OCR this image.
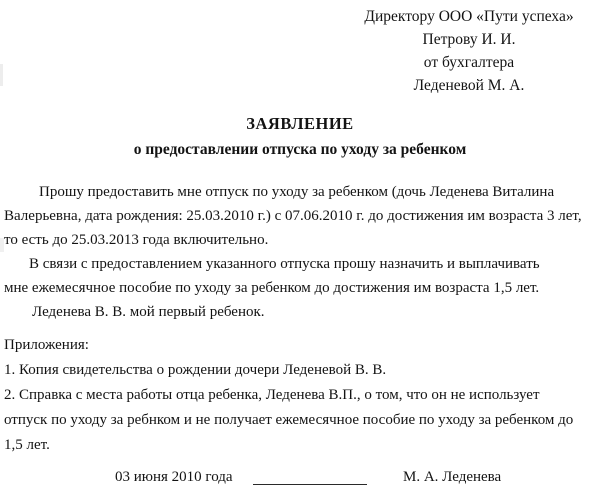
Директору ООО «Пути успеха»
Петрову И. И.
от бухгалтера
Леденевой М. А.
ЗАЯВЛЕНИЕ
о предоставлении отпуска по уходу за ребенком
Прошу предоставить мне отпуск по уходу за ребенком (дочь Леденева Виталина
Валерьевна, дата рождения: 25.03.2010 г.) с 07.06.2010 г. до достижения им возраста 3 лет,
то есть до 25.03.2013 года включительно.
В связи с предоставлением указанного отпуска прошу назначить и выплачивать
мне ежемесячное пособие по уходу за ребенком до достижения им возраста 1,5 лет.
Леденева В. В. мой первый ребенок.
Приложения:
1. Копия свидетельства о рождении дочери Леденевой В. В.
2. Справка с места работы отца ребенка, Леденева В.П., о том, что он не использует
отпуск по уходу за ребнком и не получает ежемесячное пособие по уходу за ребенком до
1,5 лет.
03 июня 2010 года	М. А. Леденева
